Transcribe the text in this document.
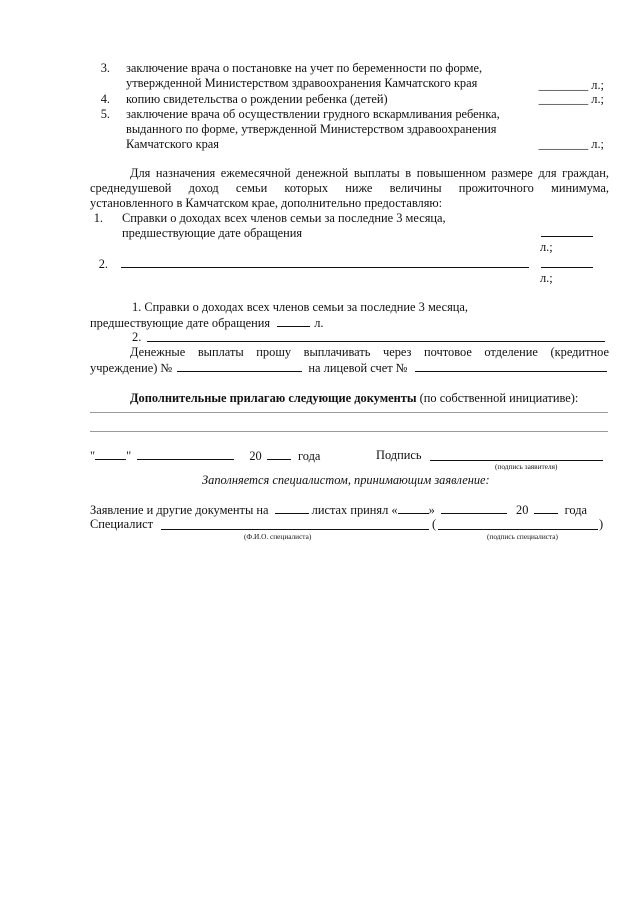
3. заключение врача о постановке на учет по беременности по форме,
утвержденной Министерством здравоохранения Камчатского края	________ л.;
4. копию свидетельства о рождении ребенка (детей)	________ л.;
5. заключение врача об осуществлении грудного вскармливания ребенка,
выданного по форме, утвержденной Министерством здравоохранения
Камчатского края	________ л.;
Для назначения ежемесячной денежной выплаты в повышенном размере для граждан,
среднедушевой доход семьи которых ниже величины прожиточного минимума,
установленного в Камчатском крае, дополнительно предоставляю:
1. Справки о доходах всех членов семьи за последние 3 месяца,
предшествующие дате обращения
л.;
2.
л.;
1. Справки о доходах всех членов семьи за последние 3 месяца,
предшествующие дате обращения	л.
2.
Денежные выплаты прошу выплачивать через почтовое отделение (кредитное
учреждение) №	на лицевой счет №
Дополнительные прилагаю следующие документы (по собственной инициативе):
"	"	20	года	Подпись
(подпись заявителя)
Заполняется специалистом, принимающим заявление:
Заявление и другие документы на	листах принял «	»	20	года
Специалист	(	)
(Ф.И.О. специалиста)	(подпись специалиста)
